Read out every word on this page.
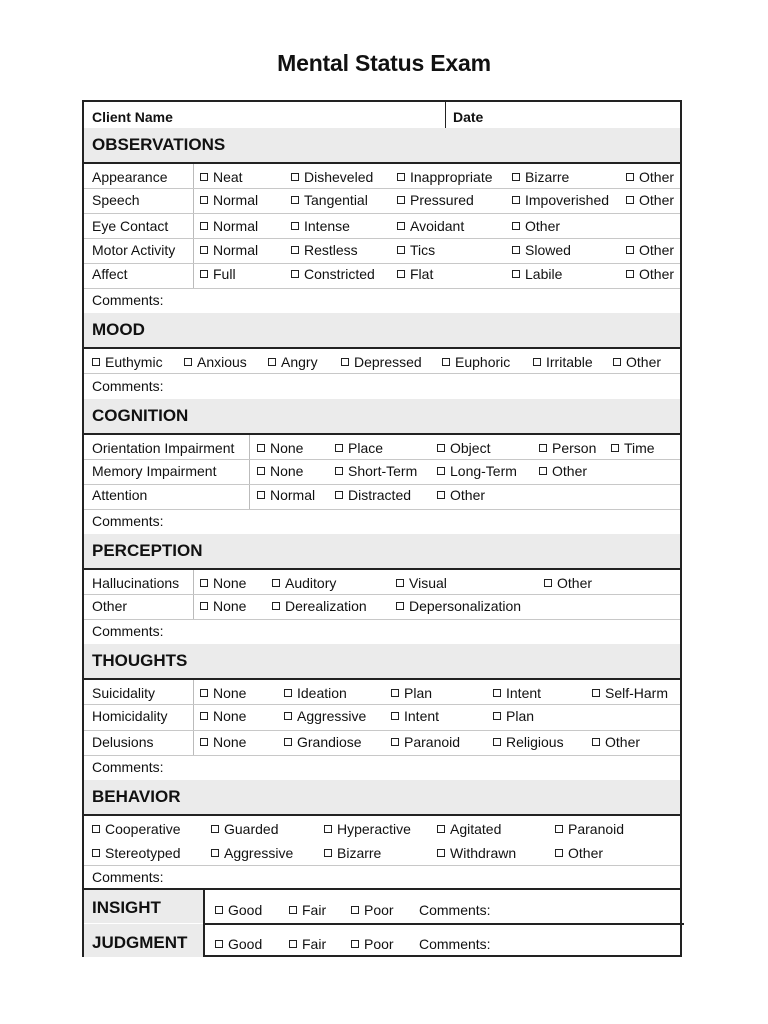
Mental Status Exam
Client Name	Date
OBSERVATIONS
Appearance	Neat	Disheveled	Inappropriate	Bizarre	Other
Speech	Normal	Tangential	Pressured	Impoverished	Other
Eye Contact	Normal	Intense	Avoidant	Other
Motor Activity	Normal	Restless	Tics	Slowed	Other
Affect	Full	Constricted	Flat	Labile	Other
Comments:
MOOD
Euthymic	Anxious	Angry	Depressed	Euphoric	Irritable	Other
Comments:
COGNITION
Orientation Impairment	None	Place	Object	Person	Time
Memory Impairment	None	Short-Term	Long-Term	Other
Attention	Normal	Distracted	Other
Comments:
PERCEPTION
Hallucinations	None	Auditory	Visual	Other
Other	None	Derealization	Depersonalization
Comments:
THOUGHTS
Suicidality	None	Ideation	Plan	Intent	Self-Harm
Homicidality	None	Aggressive	Intent	Plan
Delusions	None	Grandiose	Paranoid	Religious	Other
Comments:
BEHAVIOR
Cooperative	Guarded	Hyperactive	Agitated	Paranoid
Stereotyped	Aggressive	Bizarre	Withdrawn	Other
Comments:
INSIGHT	Good	Fair	Poor Comments:
JUDGMENT	Good	Fair	Poor Comments:
